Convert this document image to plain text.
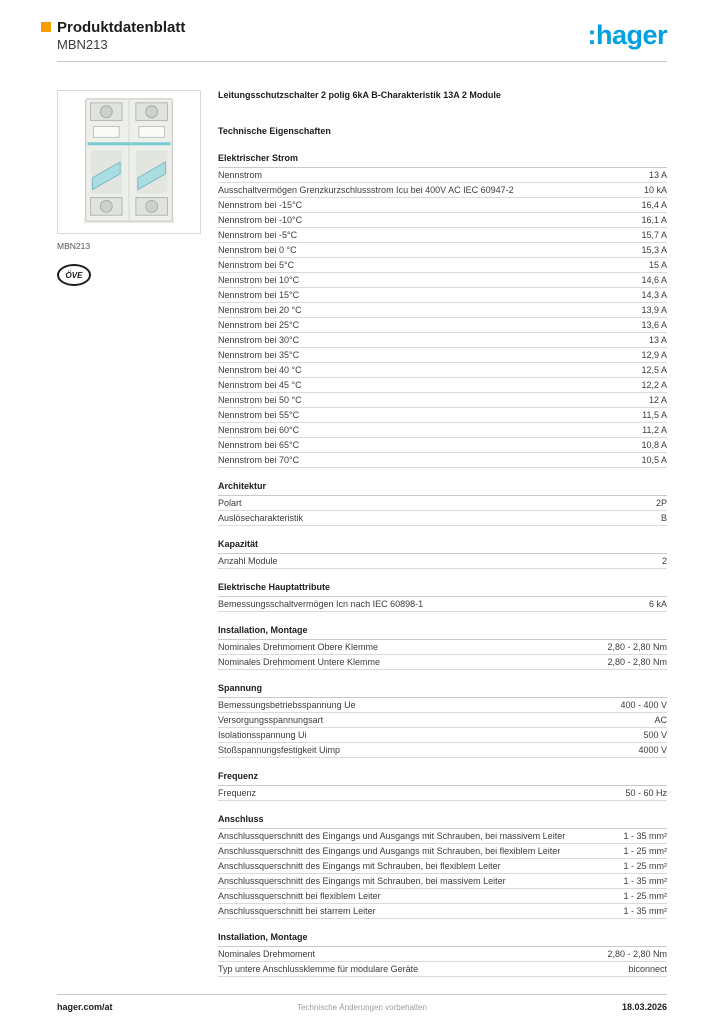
Produktdatenblatt
MBN213	:hager
MBN213
ÖVE
Leitungsschutzschalter 2 polig 6kA B-Charakteristik 13A 2 Module
Technische Eigenschaften
Elektrischer Strom
Nennstrom	13 A
Ausschaltvermögen Grenzkurzschlussstrom Icu bei 400V AC IEC 60947-2	10 kA
Nennstrom bei -15°C	16,4 A
Nennstrom bei -10°C	16,1 A
Nennstrom bei -5°C	15,7 A
Nennstrom bei 0 °C	15,3 A
Nennstrom bei 5°C	15 A
Nennstrom bei 10°C	14,6 A
Nennstrom bei 15°C	14,3 A
Nennstrom bei 20 °C	13,9 A
Nennstrom bei 25°C	13,6 A
Nennstrom bei 30°C	13 A
Nennstrom bei 35°C	12,9 A
Nennstrom bei 40 °C	12,5 A
Nennstrom bei 45 °C	12,2 A
Nennstrom bei 50 °C	12 A
Nennstrom bei 55°C	11,5 A
Nennstrom bei 60°C	11,2 A
Nennstrom bei 65°C	10,8 A
Nennstrom bei 70°C	10,5 A
Architektur
Polart	2P
Auslösecharakteristik	B
Kapazität
Anzahl Module	2
Elektrische Hauptattribute
Bemessungsschaltvermögen Icn nach IEC 60898-1	6 kA
Installation, Montage
Nominales Drehmoment Obere Klemme	2,80 - 2,80 Nm
Nominales Drehmoment Untere Klemme	2,80 - 2,80 Nm
Spannung
Bemessungsbetriebsspannung Ue	400 - 400 V
Versorgungsspannungsart	AC
Isolationsspannung Ui	500 V
Stoßspannungsfestigkeit Uimp	4000 V
Frequenz
Frequenz	50 - 60 Hz
Anschluss
Anschlussquerschnitt des Eingangs und Ausgangs mit Schrauben, bei massivem Leiter	1 - 35 mm²
Anschlussquerschnitt des Eingangs und Ausgangs mit Schrauben, bei flexiblem Leiter	1 - 25 mm²
Anschlussquerschnitt des Eingangs mit Schrauben, bei flexiblem Leiter	1 - 25 mm²
Anschlussquerschnitt des Eingangs mit Schrauben, bei massivem Leiter	1 - 35 mm²
Anschlussquerschnitt bei flexiblem Leiter	1 - 25 mm²
Anschlussquerschnitt bei starrem Leiter	1 - 35 mm²
Installation, Montage
Nominales Drehmoment	2,80 - 2,80 Nm
Typ untere Anschlussklemme für modulare Geräte	biconnect
hager.com/at	Technische Änderungen vorbehalten	18.03.2026
